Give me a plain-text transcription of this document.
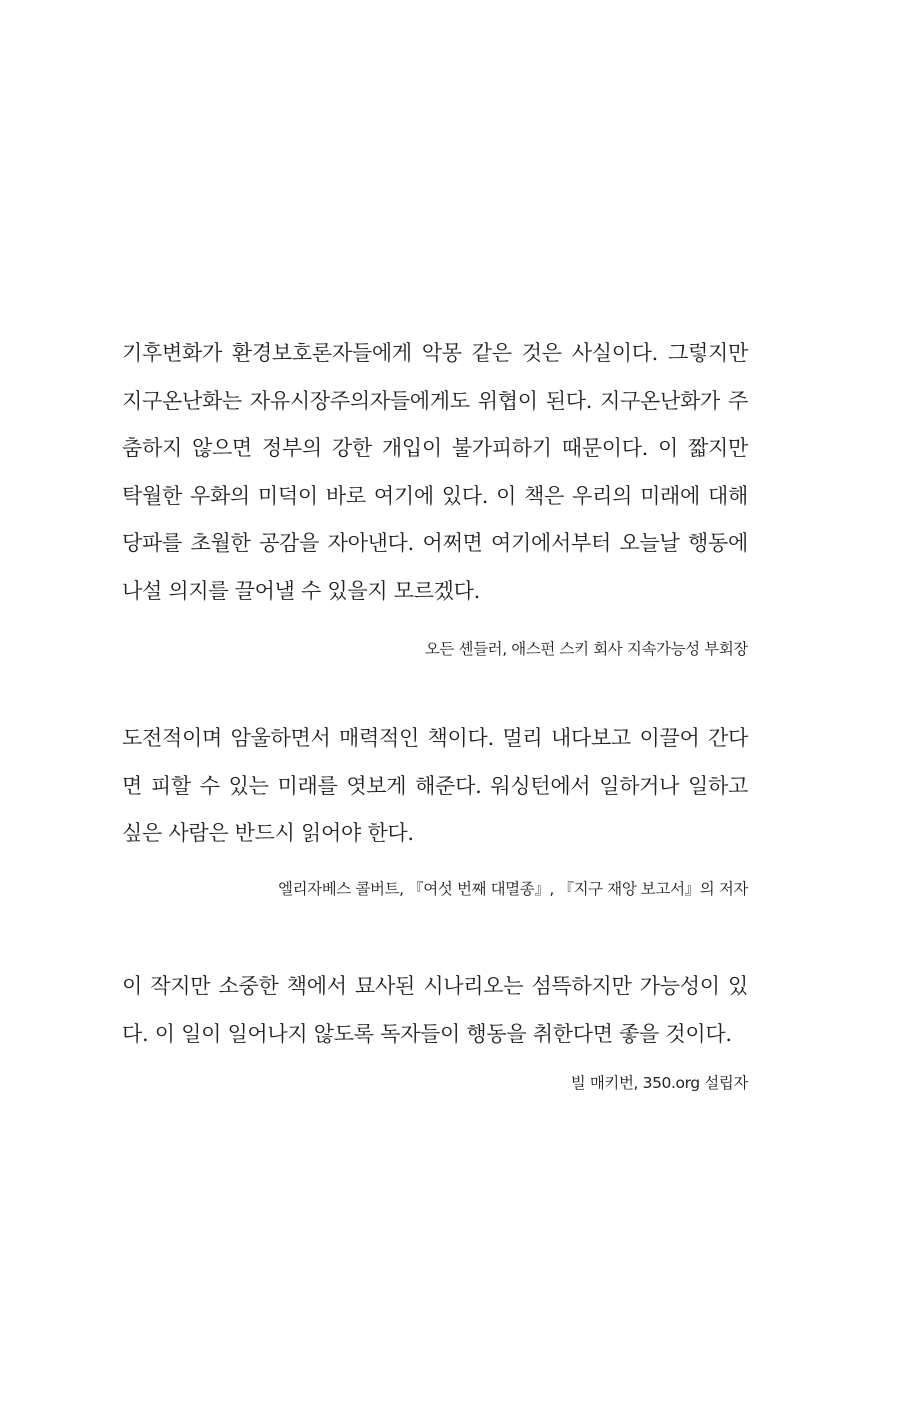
기후변화가 환경보호론자들에게 악몽 같은 것은 사실이다. 그렇지만
지구온난화는 자유시장주의자들에게도 위협이 된다. 지구온난화가 주
춤하지 않으면 정부의 강한 개입이 불가피하기 때문이다. 이 짧지만
탁월한 우화의 미덕이 바로 여기에 있다. 이 책은 우리의 미래에 대해
당파를 초월한 공감을 자아낸다. 어쩌면 여기에서부터 오늘날 행동에
나설 의지를 끌어낼 수 있을지 모르겠다.
오든 셴들러, 애스펀 스키 회사 지속가능성 부회장
도전적이며 암울하면서 매력적인 책이다. 멀리 내다보고 이끌어 간다
면 피할 수 있는 미래를 엿보게 해준다. 워싱턴에서 일하거나 일하고
싶은 사람은 반드시 읽어야 한다.
엘리자베스 콜버트, 『여섯 번째 대멸종』, 『지구 재앙 보고서』의 저자
이 작지만 소중한 책에서 묘사된 시나리오는 섬뜩하지만 가능성이 있
다. 이 일이 일어나지 않도록 독자들이 행동을 취한다면 좋을 것이다.
빌 매키번, 350.org 설립자
